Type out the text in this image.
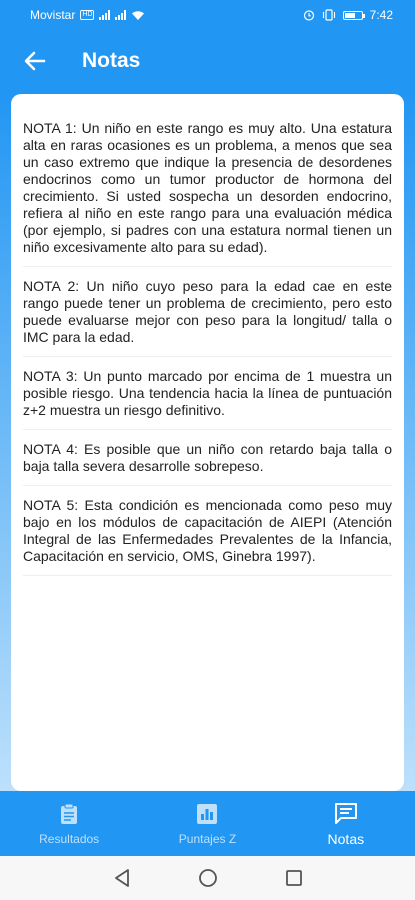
Movistar HD	7:42
Notas

NOTA 1: Un niño en este rango es muy alto. Una estatura alta en raras ocasiones es un problema, a menos que sea un caso extremo que indique la presencia de desordenes endocrinos como un tumor productor de hormona del crecimiento. Si usted sospecha un desorden endocrino, refiera al niño en este rango para una evaluación médica (por ejemplo, si padres con una estatura normal tienen un niño excesivamente alto para su edad).

NOTA 2: Un niño cuyo peso para la edad cae en este rango puede tener un problema de crecimiento, pero esto puede evaluarse mejor con peso para la longitud/ talla o IMC para la edad.

NOTA 3: Un punto marcado por encima de 1 muestra un posible riesgo. Una tendencia hacia la línea de puntuación z+2 muestra un riesgo definitivo.

NOTA 4: Es posible que un niño con retardo baja talla o baja talla severa desarrolle sobrepeso.

NOTA 5: Esta condición es mencionada como peso muy bajo en los módulos de capacitación de AIEPI (Atención Integral de las Enfermedades Prevalentes de la Infancia, Capacitación en servicio, OMS, Ginebra 1997).

Resultados	Puntajes Z	Notas
